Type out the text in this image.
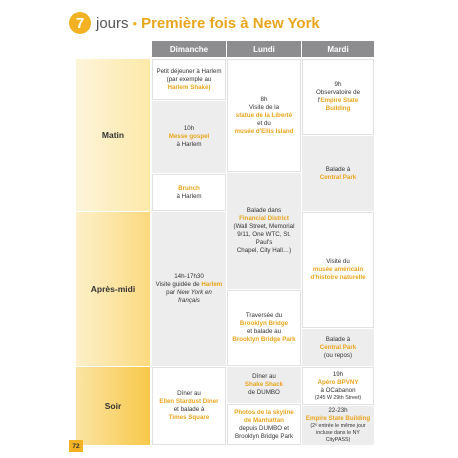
7 jours • Première fois à New York
Dimanche	Lundi	Mardi
Matin
Après-midi
Soir
Petit déjeuner à Harlem
(par exemple au
Harlem Shake)
10h
Messe gospel
à Harlem
Brunch
à Harlem
14h-17h30
Visite guidée de Harlem
par New York en français
Dîner au
Ellen Stardust Diner
et balade à
Times Square
8h
Visite de la
statue de la Liberté
et du
musée d'Ellis Island
Balade dans
Financial District
(Wall Street, Memorial
9/11, One WTC, St. Paul's
Chapel, City Hall…)
Traversée du
Brooklyn Bridge
et balade au
Brooklyn Bridge Park
Dîner au
Shake Shack
de DUMBO
Photos de la skyline
de Manhattan
depuis DUMBO et
Brooklyn Bridge Park
9h
Observatoire de
l'Empire State Building
Balade à
Central Park
Visite du
musée américain
d'histoire naturelle
Balade à
Central Park
(ou repos)
19h
Apéro BPVNY
à OCabanon
(245 W 29th Street)
22-23h
Empire State Building
(2ᵉ entrée le même jour
incluse dans le NY CityPASS)
72
